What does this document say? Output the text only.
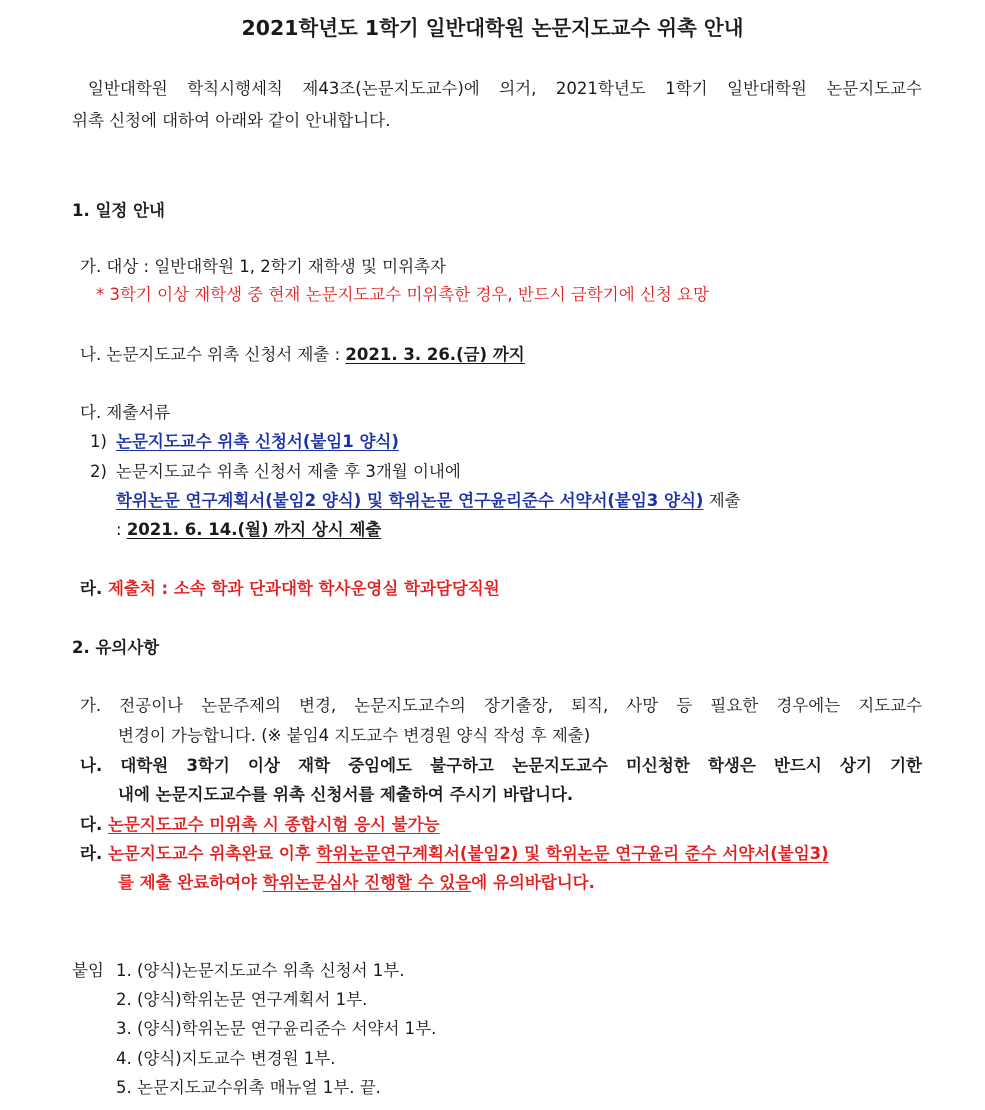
2021학년도 1학기 일반대학원 논문지도교수 위촉 안내
일반대학원 학칙시행세칙 제43조(논문지도교수)에 의거, 2021학년도 1학기 일반대학원 논문지도교수
위촉 신청에 대하여 아래와 같이 안내합니다.
1. 일정 안내
가. 대상 : 일반대학원 1, 2학기 재학생 및 미위촉자
* 3학기 이상 재학생 중 현재 논문지도교수 미위촉한 경우, 반드시 금학기에 신청 요망
나. 논문지도교수 위촉 신청서 제출 : 2021. 3. 26.(금) 까지
다. 제출서류
1) 논문지도교수 위촉 신청서(붙임1 양식)
2) 논문지도교수 위촉 신청서 제출 후 3개월 이내에
학위논문 연구계획서(붙임2 양식) 및 학위논문 연구윤리준수 서약서(붙임3 양식) 제출
: 2021. 6. 14.(월) 까지 상시 제출
라. 제출처 : 소속 학과 단과대학 학사운영실 학과담당직원
2. 유의사항
가. 전공이나 논문주제의 변경, 논문지도교수의 장기출장, 퇴직, 사망 등 필요한 경우에는 지도교수
변경이 가능합니다. (※ 붙임4 지도교수 변경원 양식 작성 후 제출)
나. 대학원 3학기 이상 재학 중임에도 불구하고 논문지도교수 미신청한 학생은 반드시 상기 기한
내에 논문지도교수를 위촉 신청서를 제출하여 주시기 바랍니다.
다. 논문지도교수 미위촉 시 종합시험 응시 불가능
라. 논문지도교수 위촉완료 이후 학위논문연구계획서(붙임2) 및 학위논문 연구윤리 준수 서약서(붙임3)
를 제출 완료하여야 학위논문심사 진행할 수 있음에 유의바랍니다.
붙임 1. (양식)논문지도교수 위촉 신청서 1부.
2. (양식)학위논문 연구계획서 1부.
3. (양식)학위논문 연구윤리준수 서약서 1부.
4. (양식)지도교수 변경원 1부.
5. 논문지도교수위촉 매뉴얼 1부. 끝.
